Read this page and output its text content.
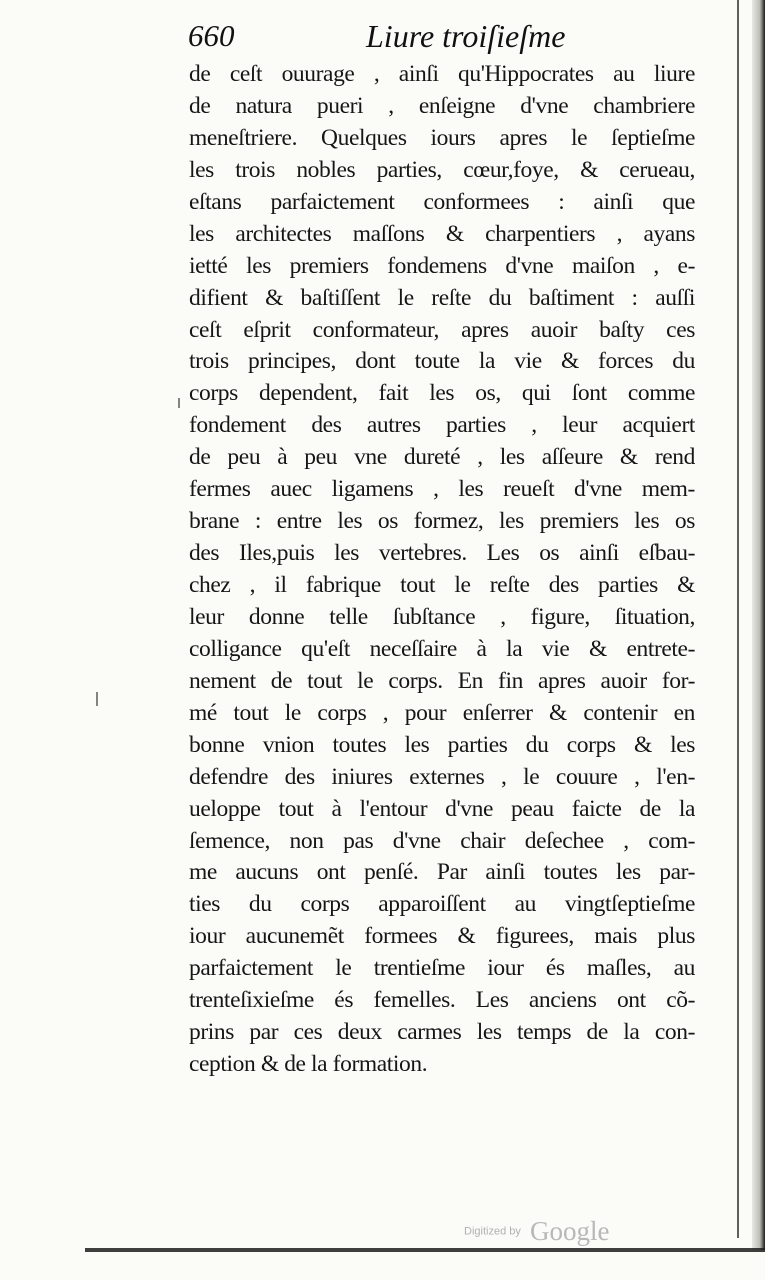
660	Liure troiſieſme
de ceſt ouurage , ainſi qu'Hippocrates au liure
de natura pueri , enſeigne d'vne chambriere
meneſtriere. Quelques iours apres le ſeptieſme
les trois nobles parties, cœur,foye, & cerueau,
eſtans parfaictement conformees : ainſi que
les architectes maſſons & charpentiers , ayans
ietté les premiers fondemens d'vne maiſon , e-
difient & baſtiſſent le reſte du baſtiment : auſſi
ceſt eſprit conformateur, apres auoir baſty ces
trois principes, dont toute la vie & forces du
corps dependent, fait les os, qui ſont comme
fondement des autres parties , leur acquiert
de peu à peu vne dureté , les aſſeure & rend
fermes auec ligamens , les reueſt d'vne mem-
brane : entre les os formez, les premiers les os
des Iles,puis les vertebres. Les os ainſi eſbau-
chez , il fabrique tout le reſte des parties &
leur donne telle ſubſtance , figure, ſituation,
colligance qu'eſt neceſſaire à la vie & entrete-
nement de tout le corps. En fin apres auoir for-
mé tout le corps , pour enſerrer & contenir en
bonne vnion toutes les parties du corps & les
defendre des iniures externes , le couure , l'en-
ueloppe tout à l'entour d'vne peau faicte de la
ſemence, non pas d'vne chair deſechee , com-
me aucuns ont penſé. Par ainſi toutes les par-
ties du corps apparoiſſent au vingtſeptieſme
iour aucunemẽt formees & figurees, mais plus
parfaictement le trentieſme iour és maſles, au
trenteſixieſme és femelles. Les anciens ont cõ-
prins par ces deux carmes les temps de la con-
ception & de la formation.
Digitized by Google
